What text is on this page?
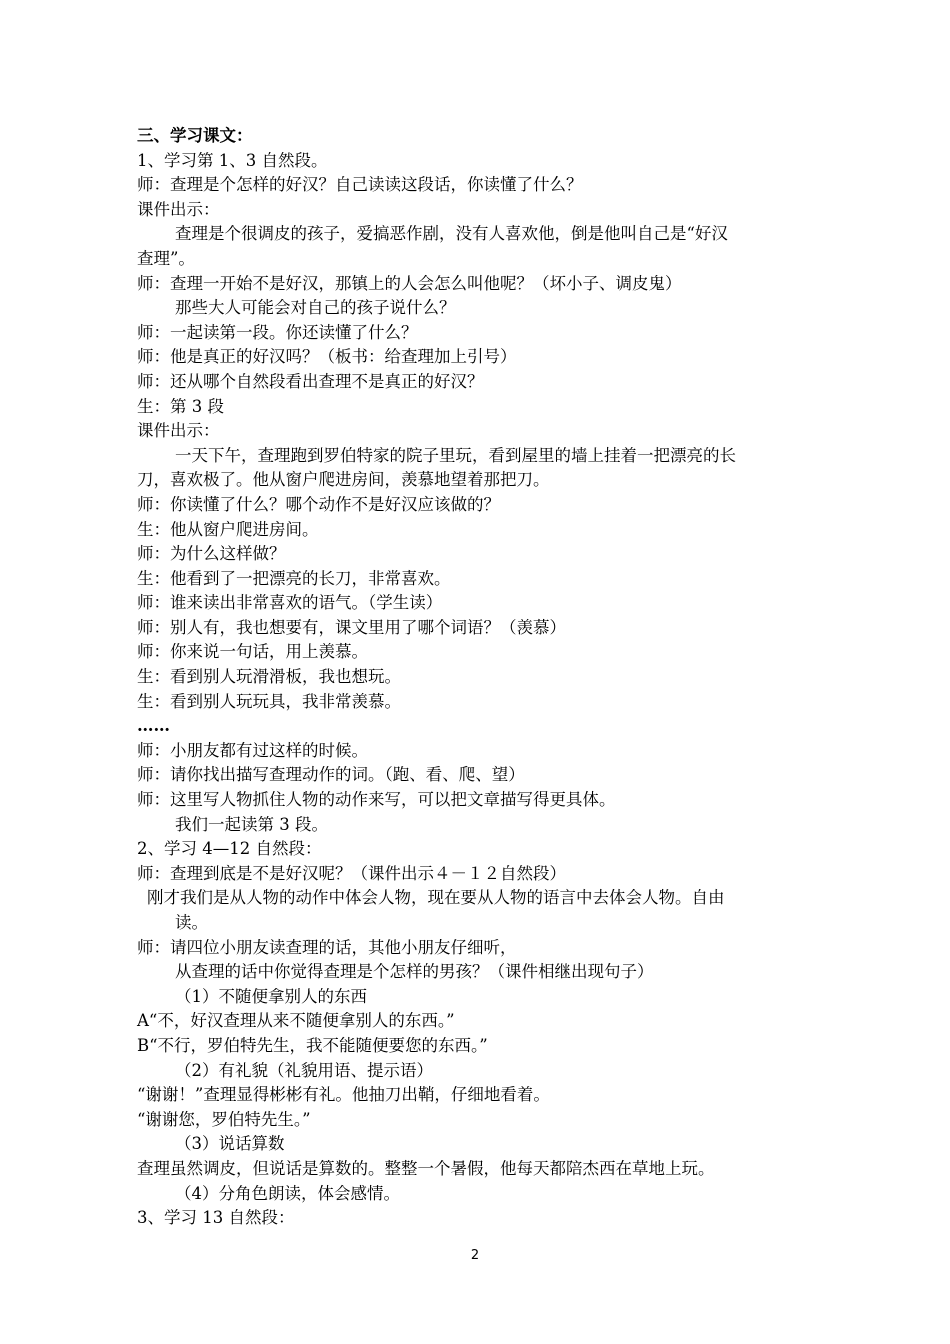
三、学习课文：
1、学习第 1、3 自然段。
师：查理是个怎样的好汉？自己读读这段话，你读懂了什么？
课件出示：
查理是个很调皮的孩子，爱搞恶作剧，没有人喜欢他，倒是他叫自己是“好汉
查理”。
师：查理一开始不是好汉，那镇上的人会怎么叫他呢？（坏小子、调皮鬼）
那些大人可能会对自己的孩子说什么？
师：一起读第一段。你还读懂了什么？
师：他是真正的好汉吗？（板书：给查理加上引号）
师：还从哪个自然段看出查理不是真正的好汉？
生：第 3 段
课件出示：
一天下午，查理跑到罗伯特家的院子里玩，看到屋里的墙上挂着一把漂亮的长
刀，喜欢极了。他从窗户爬进房间，羡慕地望着那把刀。
师：你读懂了什么？哪个动作不是好汉应该做的？
生：他从窗户爬进房间。
师：为什么这样做？
生：他看到了一把漂亮的长刀，非常喜欢。
师：谁来读出非常喜欢的语气。（学生读）
师：别人有，我也想要有，课文里用了哪个词语？（羡慕）
师：你来说一句话，用上羡慕。
生：看到别人玩滑滑板，我也想玩。
生：看到别人玩玩具，我非常羡慕。
……
师：小朋友都有过这样的时候。
师：请你找出描写查理动作的词。（跑、看、爬、望）
师：这里写人物抓住人物的动作来写，可以把文章描写得更具体。
我们一起读第 3 段。
2、学习 4—12 自然段：
师：查理到底是不是好汉呢？（课件出示４－１２自然段）
刚才我们是从人物的动作中体会人物，现在要从人物的语言中去体会人物。自由
读。
师：请四位小朋友读查理的话，其他小朋友仔细听，
从查理的话中你觉得查理是个怎样的男孩？（课件相继出现句子）
（1）不随便拿别人的东西
A“不，好汉查理从来不随便拿别人的东西。”
B“不行，罗伯特先生，我不能随便要您的东西。”
（2）有礼貌（礼貌用语、提示语）
“谢谢！”查理显得彬彬有礼。他抽刀出鞘，仔细地看着。
“谢谢您，罗伯特先生。”
（3）说话算数
查理虽然调皮，但说话是算数的。整整一个暑假，他每天都陪杰西在草地上玩。
（4）分角色朗读，体会感情。
3、学习 13 自然段：
2
